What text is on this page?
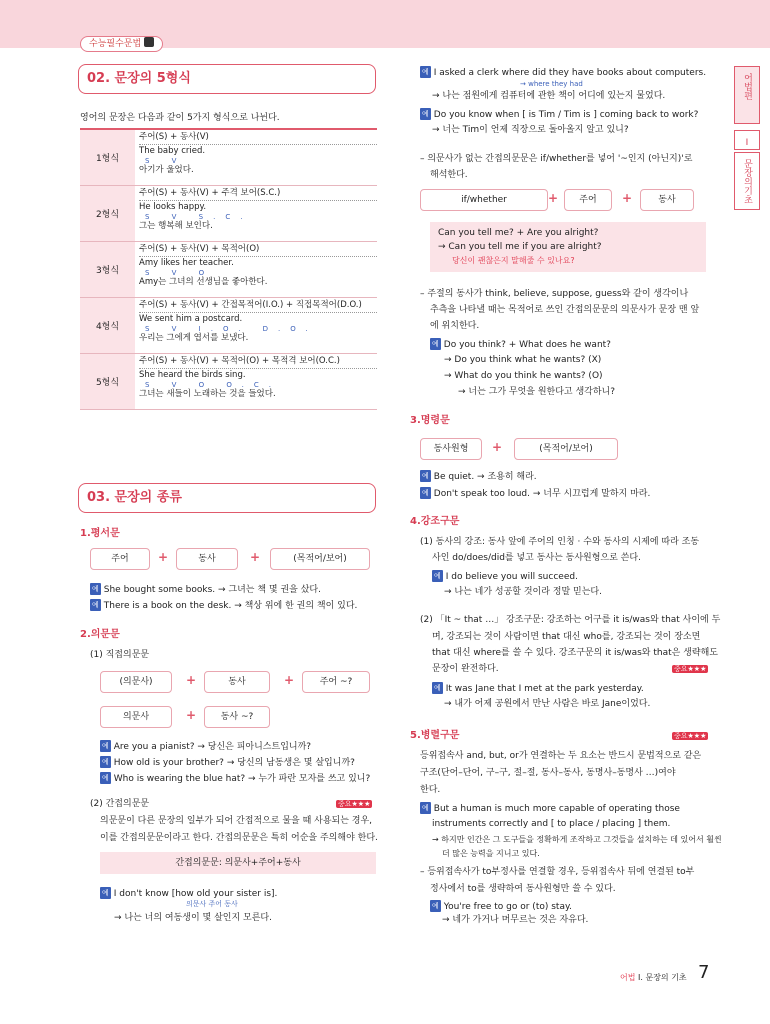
수능필수문법
어법편
I
문장의기초
02. 문장의 5형식
영어의 문장은 다음과 같이 5가지 형식으로 나뉜다.
1형식
주어(S) + 동사(V)
The baby cried.
S V
아기가 울었다.
2형식
주어(S) + 동사(V) + 주격 보어(S.C.)
He looks happy.
S V S.C.
그는 행복해 보인다.
3형식
주어(S) + 동사(V) + 목적어(O)
Amy likes her teacher.
S V O
Amy는 그녀의 선생님을 좋아한다.
4형식
주어(S) + 동사(V) + 간접목적어(I.O.) + 직접목적어(D.O.)
We sent him a postcard.
S V I.O. D.O.
우리는 그에게 엽서를 보냈다.
5형식
주어(S) + 동사(V) + 목적어(O) + 목적격 보어(O.C.)
She heard the birds sing.
S V O O.C.
그녀는 새들이 노래하는 것을 들었다.
03. 문장의 종류
1.평서문
주어	+	동사	+	(목적어/보어)
예 She bought some books. → 그녀는 책 몇 권을 샀다.
예 There is a book on the desk. → 책상 위에 한 권의 책이 있다.
2.의문문
(1) 직접의문문
(의문사)	+	동사	+	주어 ~?
의문사	+	동사 ~?
예 Are you a pianist? → 당신은 피아니스트입니까?
예 How old is your brother? → 당신의 남동생은 몇 살입니까?
예 Who is wearing the blue hat? → 누가 파란 모자를 쓰고 있니?
(2) 간접의문문	중요★★★
의문문이 다른 문장의 일부가 되어 간접적으로 물을 때 사용되는 경우,
이를 간접의문문이라고 한다. 간접의문문은 특히 어순을 주의해야 한다.
간접의문문: 의문사+주어+동사
예 I don't know [how old your sister is].
의문사 주어 동사
→ 나는 너의 여동생이 몇 살인지 모른다.
예 I asked a clerk where did they have books about computers.
→ where they had
→ 나는 점원에게 컴퓨터에 관한 책이 어디에 있는지 물었다.
예 Do you know when [ is Tim / Tim is ] coming back to work?
→ 너는 Tim이 언제 직장으로 돌아올지 알고 있니?
– 의문사가 없는 간접의문문은 if/whether를 넣어 '~인지 (아닌지)'로
해석한다.
if/whether	+	주어	+	동사
Can you tell me? + Are you alright?
→ Can you tell me if you are alright?
당신이 괜찮은지 말해줄 수 있나요?
– 주절의 동사가 think, believe, suppose, guess와 같이 생각이나
추측을 나타낼 때는 목적어로 쓰인 간접의문문의 의문사가 문장 맨 앞
에 위치한다.
예 Do you think? + What does he want?
→ Do you think what he wants? (X)
→ What do you think he wants? (O)
→ 너는 그가 무엇을 원한다고 생각하니?
3.명령문
동사원형	+	(목적어/보어)
예 Be quiet. → 조용히 해라.
예 Don't speak too loud. → 너무 시끄럽게 말하지 마라.
4.강조구문
(1) 동사의 강조: 동사 앞에 주어의 인칭 · 수와 동사의 시제에 따라 조동
사인 do/does/did를 넣고 동사는 동사원형으로 쓴다.
예 I do believe you will succeed.
→ 나는 네가 성공할 것이라 정말 믿는다.
(2) 「It ~ that …」 강조구문: 강조하는 어구를 it is/was와 that 사이에 두
며, 강조되는 것이 사람이면 that 대신 who를, 강조되는 것이 장소면
that 대신 where를 쓸 수 있다. 강조구문의 it is/was와 that은 생략해도
문장이 완전하다.	중요★★★
예 It was Jane that I met at the park yesterday.
→ 내가 어제 공원에서 만난 사람은 바로 Jane이었다.
5.병렬구문	중요★★★
등위접속사 and, but, or가 연결하는 두 요소는 반드시 문법적으로 같은
구조(단어–단어, 구–구, 절–절, 동사–동사, 동명사–동명사 …)여야
한다.
예 But a human is much more capable of operating those
instruments correctly and [ to place / placing ] them.
→ 하지만 인간은 그 도구들을 정확하게 조작하고 그것들을 설치하는 데 있어서 훨씬
더 많은 능력을 지니고 있다.
– 등위접속사가 to부정사를 연결할 경우, 등위접속사 뒤에 연결된 to부
정사에서 to를 생략하여 동사원형만 쓸 수 있다.
예 You're free to go or (to) stay.
→ 네가 가거나 머무르는 것은 자유다.
어법 I. 문장의 기초 7
